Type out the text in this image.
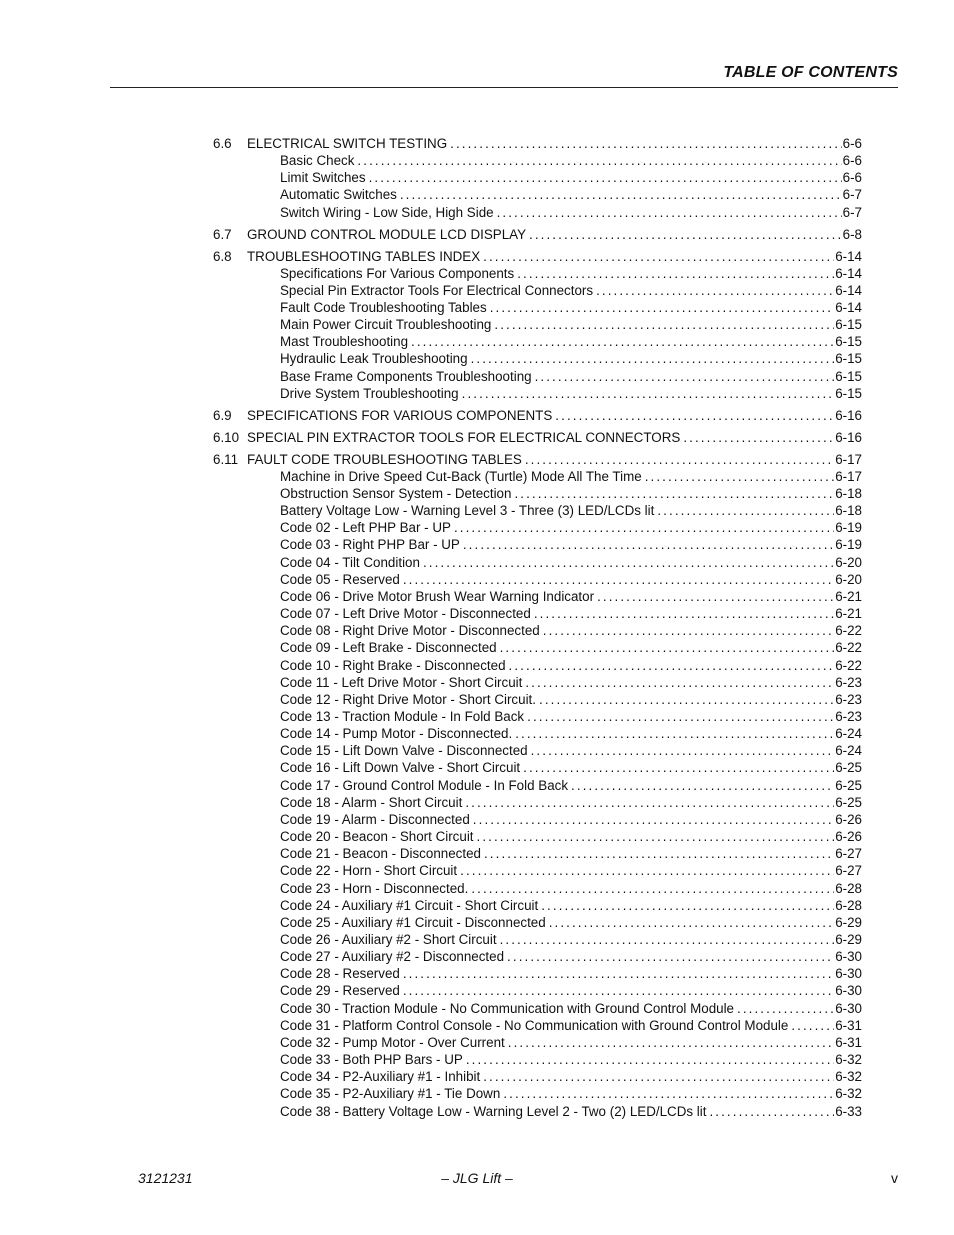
TABLE OF CONTENTS
6.6	ELECTRICAL SWITCH TESTING .....	6-6
Basic Check .....	6-6
Limit Switches .....	6-6
Automatic Switches .....	6-7
Switch Wiring - Low Side, High Side .....	6-7
6.7	GROUND CONTROL MODULE LCD DISPLAY .....	6-8
6.8	TROUBLESHOOTING TABLES INDEX .....	6-14
Specifications For Various Components .....	6-14
Special Pin Extractor Tools For Electrical Connectors .....	6-14
Fault Code Troubleshooting Tables .....	6-14
Main Power Circuit Troubleshooting .....	6-15
Mast Troubleshooting .....	6-15
Hydraulic Leak Troubleshooting .....	6-15
Base Frame Components Troubleshooting .....	6-15
Drive System Troubleshooting .....	6-15
6.9	SPECIFICATIONS FOR VARIOUS COMPONENTS .....	6-16
6.10 SPECIAL PIN EXTRACTOR TOOLS FOR ELECTRICAL CONNECTORS .....	6-16
6.11 FAULT CODE TROUBLESHOOTING TABLES .....	6-17
Machine in Drive Speed Cut-Back (Turtle) Mode All The Time .....	6-17
Obstruction Sensor System - Detection .....	6-18
Battery Voltage Low - Warning Level 3 - Three (3) LED/LCDs lit .....	6-18
Code 02 - Left PHP Bar - UP .....	6-19
Code 03 - Right PHP Bar - UP .....	6-19
Code 04 - Tilt Condition .....	6-20
Code 05 - Reserved .....	6-20
Code 06 - Drive Motor Brush Wear Warning Indicator .....	6-21
Code 07 - Left Drive Motor - Disconnected .....	6-21
Code 08 - Right Drive Motor - Disconnected .....	6-22
Code 09 - Left Brake - Disconnected .....	6-22
Code 10 - Right Brake - Disconnected .....	6-22
Code 11 - Left Drive Motor - Short Circuit .....	6-23
Code 12 - Right Drive Motor - Short Circuit. .....	6-23
Code 13 - Traction Module - In Fold Back .....	6-23
Code 14 - Pump Motor - Disconnected. .....	6-24
Code 15 - Lift Down Valve - Disconnected .....	6-24
Code 16 - Lift Down Valve - Short Circuit .....	6-25
Code 17 - Ground Control Module - In Fold Back .....	6-25
Code 18 - Alarm - Short Circuit .....	6-25
Code 19 - Alarm - Disconnected .....	6-26
Code 20 - Beacon - Short Circuit .....	6-26
Code 21 - Beacon - Disconnected .....	6-27
Code 22 - Horn - Short Circuit .....	6-27
Code 23 - Horn - Disconnected. .....	6-28
Code 24 - Auxiliary #1 Circuit - Short Circuit .....	6-28
Code 25 - Auxiliary #1 Circuit - Disconnected .....	6-29
Code 26 - Auxiliary #2 - Short Circuit .....	6-29
Code 27 - Auxiliary #2 - Disconnected .....	6-30
Code 28 - Reserved .....	6-30
Code 29 - Reserved .....	6-30
Code 30 - Traction Module - No Communication with Ground Control Module .....	6-30
Code 31 - Platform Control Console - No Communication with Ground Control Module .....	6-31
Code 32 - Pump Motor - Over Current .....	6-31
Code 33 - Both PHP Bars - UP .....	6-32
Code 34 - P2-Auxiliary #1 - Inhibit .....	6-32
Code 35 - P2-Auxiliary #1 - Tie Down .....	6-32
Code 38 - Battery Voltage Low - Warning Level 2 - Two (2) LED/LCDs lit .....	6-33
3121231	– JLG Lift –	v
